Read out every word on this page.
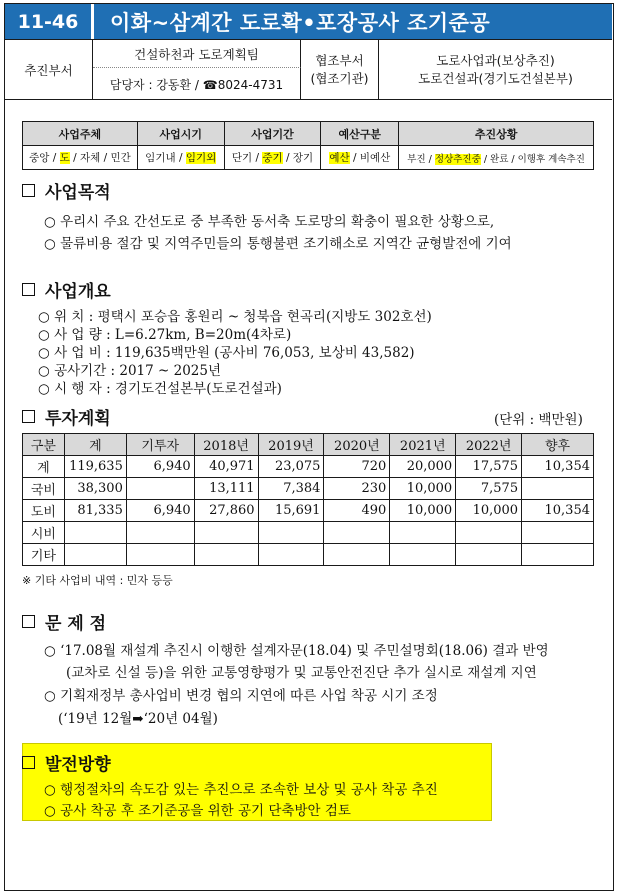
11-46	이화~삼계간 도로확•포장공사 조기준공
추진부서
건설하천과 도로계획팀
담당자 : 강동환 / ☎8024-4731
협조부서
(협조기관)
도로사업과(보상추진)
도로건설과(경기도건설본부)
사업주체	사업시기	사업기간	예산구분	추진상황
중앙 / 도 / 자체 / 민간	임기내 / 임기외	단기 / 중기 / 장기	예산 / 비예산	부진 / 정상추진중 / 완료 / 이행후 계속추진
사업목적
○ 우리시 주요 간선도로 중 부족한 동서축 도로망의 확충이 필요한 상황으로,
○ 물류비용 절감 및 지역주민들의 통행불편 조기해소로 지역간 균형발전에 기여
사업개요
○ 위 치 : 평택시 포승읍 홍원리 ~ 청북읍 현곡리(지방도 302호선)
○ 사 업 량 : L=6.27km, B=20m(4차로)
○ 사 업 비 : 119,635백만원 (공사비 76,053, 보상비 43,582)
○ 공사기간 : 2017 ~ 2025년
○ 시 행 자 : 경기도건설본부(도로건설과)
투자계획	(단위 : 백만원)
구분	계	기투자	2018년	2019년	2020년	2021년	2022년	향후
계	119,635	6,940	40,971	23,075	720	20,000	17,575	10,354
국비	38,300		13,111	7,384	230	10,000	7,575	
도비	81,335	6,940	27,860	15,691	490	10,000	10,000	10,354
시비								
기타								
※ 기타 사업비 내역 : 민자 등등
문 제 점
○ ‘17.08월 재설계 추진시 이행한 설계자문(18.04) 및 주민설명회(18.06) 결과 반영
(교차로 신설 등)을 위한 교통영향평가 및 교통안전진단 추가 실시로 재설계 지연
○ 기획재정부 총사업비 변경 협의 지연에 따른 사업 착공 시기 조정
(‘19년 12월➡‘20년 04월)
발전방향
○ 행정절차의 속도감 있는 추진으로 조속한 보상 및 공사 착공 추진
○ 공사 착공 후 조기준공을 위한 공기 단축방안 검토
